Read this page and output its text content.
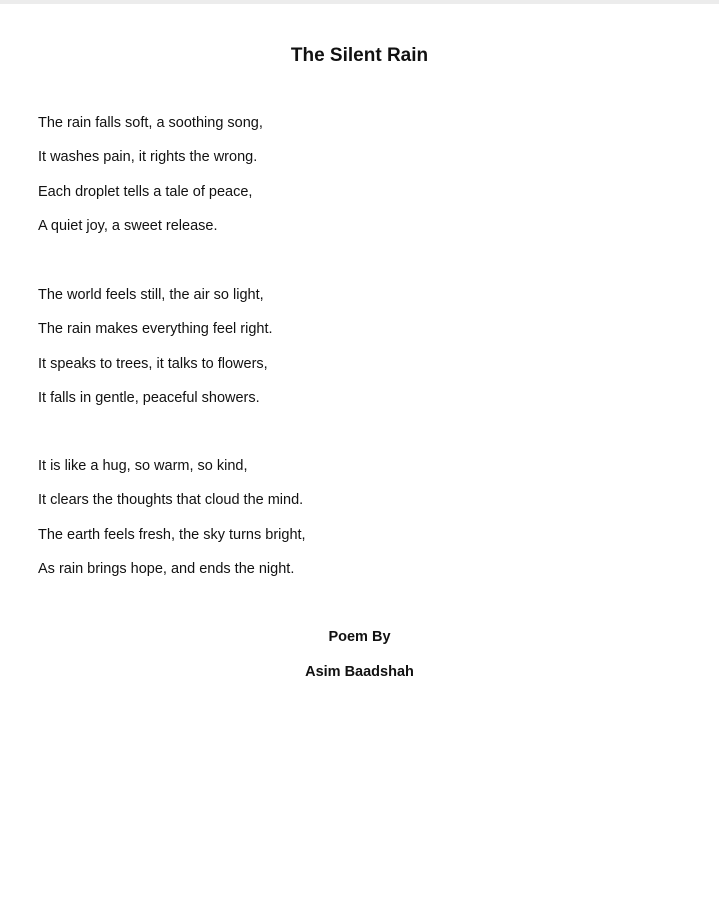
The Silent Rain
The rain falls soft, a soothing song,
It washes pain, it rights the wrong.
Each droplet tells a tale of peace,
A quiet joy, a sweet release.
The world feels still, the air so light,
The rain makes everything feel right.
It speaks to trees, it talks to flowers,
It falls in gentle, peaceful showers.
It is like a hug, so warm, so kind,
It clears the thoughts that cloud the mind.
The earth feels fresh, the sky turns bright,
As rain brings hope, and ends the night.
Poem By
Asim Baadshah
